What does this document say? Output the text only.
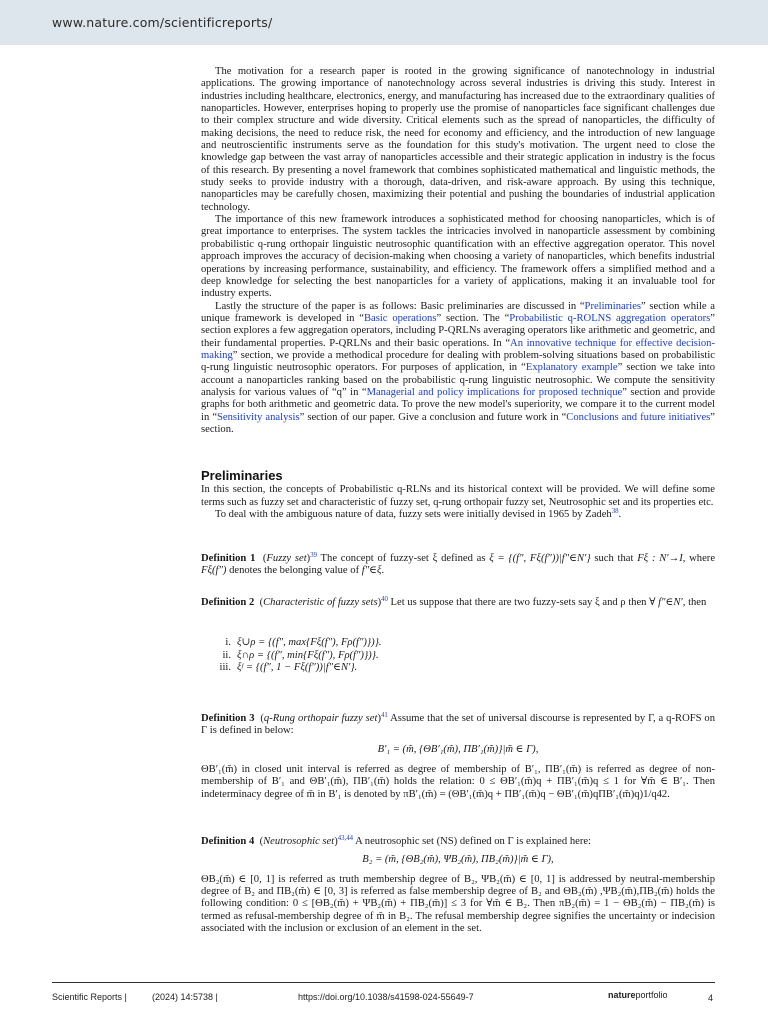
www.nature.com/scientificreports/

The motivation for a research paper is rooted in the growing significance of nanotechnology in industrial applications. The growing importance of nanotechnology across several industries is driving this study. Interest in industries including healthcare, electronics, energy, and manufacturing has increased due to the extraordinary qualities of nanoparticles. However, enterprises hoping to properly use the promise of nanoparticles face significant challenges due to their complex structure and wide diversity. Critical elements such as the spread of nanoparticles, the difficulty of making decisions, the need to reduce risk, the need for economy and efficiency, and the introduction of new language and neutroscientific instruments serve as the foundation for this study's motivation. The urgent need to close the knowledge gap between the vast array of nanoparticles accessible and their strategic application in industry is the focus of this research. By presenting a novel framework that combines sophisticated mathematical and linguistic methods, the study seeks to provide industry with a thorough, data-driven, and risk-aware approach. By using this technique, nanoparticles may be carefully chosen, maximizing their potential and pushing the boundaries of industrial application technology.

The importance of this new framework introduces a sophisticated method for choosing nanoparticles, which is of great importance to enterprises. The system tackles the intricacies involved in nanoparticle assessment by combining probabilistic q-rung orthopair linguistic neutrosophic quantification with an effective aggregation operator. This novel approach improves the accuracy of decision-making when choosing a variety of nanoparticles, which benefits industrial operations by increasing performance, sustainability, and efficiency. The framework offers a simplified method and a deep knowledge for selecting the best nanoparticles for a variety of applications, making it an invaluable tool for industry experts.

Lastly the structure of the paper is as follows: Basic preliminaries are discussed in “Preliminaries” section while a unique framework is developed in “Basic operations” section. The “Probabilistic q-ROLNS aggregation operators” section explores a few aggregation operators, including P-QRLNs averaging operators like arithmetic and geometric, and their fundamental properties. P-QRLNs and their basic operations. In “An innovative technique for effective decision-making” section, we provide a methodical procedure for dealing with problem-solving situations based on probabilistic q-rung linguistic neutrosophic operators. For purposes of application, in “Explanatory example” section we take into account a nanoparticles ranking based on the probabilistic q-rung linguistic neutrosophic. We compute the sensitivity analysis for various values of “q” in “Managerial and policy implications for proposed technique” section and provide graphs for both arithmetic and geometric data. To prove the new model's superiority, we compare it to the current model in “Sensitivity analysis” section of our paper. Give a conclusion and future work in “Conclusions and future initiatives” section.

Preliminaries

In this section, the concepts of Probabilistic q-RLNs and its historical context will be provided. We will define some terms such as fuzzy set and characteristic of fuzzy set, q-rung orthopair fuzzy set, Neutrosophic set and its properties etc.

To deal with the ambiguous nature of data, fuzzy sets were initially devised in 1965 by Zadeh$^{38}$.

Definition 1  (Fuzzy set)$^{39}$ The concept of fuzzy-set ξ defined as ξ = {(f″, Fξ(f″))|f″∈N′} such that Fξ : N′→I, where Fξ(f″) denotes the belonging value of f″∈ξ.

Definition 2  (Characteristic of fuzzy sets)$^{40}$ Let us suppose that there are two fuzzy-sets say ξ and ρ then ∀ f″∈N′, then

i. ξ∪ρ = {(f″, max{Fξ(f″), Fρ(f″)})}.
ii. ξ∩ρ = {(f″, min{Fξ(f″), Fρ(f″)})}.
iii. ξʲ = {(f″, 1 − Fξ(f″))|f″∈N′}.

Definition 3  (q-Rung orthopair fuzzy set)$^{41}$ Assume that the set of universal discourse is represented by Γ, a q-ROFS on Γ is defined in below:

B′₁ = (m̃, {ΘB′₁(m̃), ΠB′₁(m̃)}|m̃ ∈ Γ),

ΘB′₁(m̃) in closed unit interval is referred as degree of membership of B′₁, ΠB′₁(m̃) is referred as degree of non-membership of B′₁ and ΘB′₁(m̃), ΠB′₁(m̃) holds the relation: 0 ≤ ΘB′₁(m̃)q + ΠB′₁(m̃)q ≤ 1 for ∀m̃ ∈ B′₁. Then indeterminacy degree of m̃ in B′₁ is denoted by πB′₁(m̃) = (ΘB′₁(m̃)q + ΠB′₁(m̃)q − ΘB′₁(m̃)qΠB′₁(m̃)q)1/q42.

Definition 4  (Neutrosophic set)$^{43,44}$ A neutrosophic set (NS) defined on Γ is explained here:

B₂ = (m̃, {ΘB₂(m̃), ΨB₂(m̃), ΠB₂(m̃)}|m̃ ∈ Γ),

ΘB₂(m̃) ∈ [0, 1] is referred as truth membership degree of B₂, ΨB₂(m̃) ∈ [0, 1] is addressed by neutral-membership degree of B₂ and ΠB₂(m̃) ∈ [0, 3] is referred as false membership degree of B₂ and ΘB₂(m̃) ,ΨB₂(m̃),ΠB₂(m̃) holds the following condition: 0 ≤ [ΘB₂(m̃) + ΨB₂(m̃) + ΠB₂(m̃)] ≤ 3 for ∀m̃ ∈ B₂. Then πB₂(m̃) = 1 − ΘB₂(m̃) − ΠB₂(m̃) is termed as refusal-membership degree of m̃ in B₂. The refusal membership degree signifies the uncertainty or indecision associated with the inclusion or exclusion of an element in the set.

Scientific Reports |	(2024) 14:5738 |	https://doi.org/10.1038/s41598-024-55649-7	natureportfolio	4
